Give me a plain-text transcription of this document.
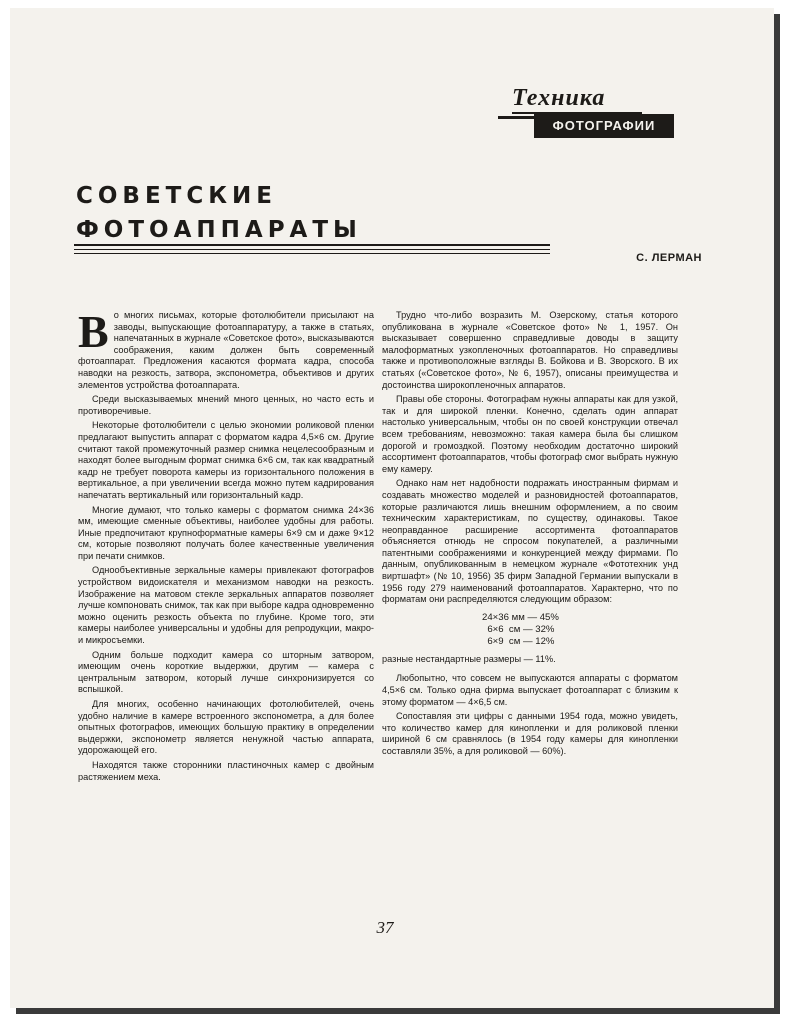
Техника
ФОТОГРАФИИ
СОВЕТСКИЕ
ФОТОАППАРАТЫ
С. ЛЕРМАН

Во многих письмах, которые фотолюбители присылают на заводы, выпускающие фотоаппаратуру, а также в статьях, напечатанных в журнале «Советское фото», высказываются соображения, каким должен быть современный фотоаппарат. Предложения касаются формата кадра, способа наводки на резкость, затвора, экспонометра, объективов и других элементов устройства фотоаппарата.

Среди высказываемых мнений много ценных, но часто есть и противоречивые.

Некоторые фотолюбители с целью экономии роликовой пленки предлагают выпустить аппарат с форматом кадра 4,5×6 см. Другие считают такой промежуточный размер снимка нецелесообразным и находят более выгодным формат снимка 6×6 см, так как квадратный кадр не требует поворота камеры из горизонтального положения в вертикальное, а при увеличении всегда можно путем кадрирования напечатать вертикальный или горизонтальный кадр.

Многие думают, что только камеры с форматом снимка 24×36 мм, имеющие сменные объективы, наиболее удобны для работы. Иные предпочитают крупноформатные камеры 6×9 см и даже 9×12 см, которые позволяют получать более качественные увеличения при печати снимков.

Однообъективные зеркальные камеры привлекают фотографов устройством видоискателя и механизмом наводки на резкость. Изображение на матовом стекле зеркальных аппаратов позволяет лучше компоновать снимок, так как при выборе кадра одновременно можно оценить резкость объекта по глубине. Кроме того, эти камеры наиболее универсальны и удобны для репродукции, макро- и микросъемки.

Одним больше подходит камера со шторным затвором, имеющим очень короткие выдержки, другим — камера с центральным затвором, который лучше синхронизируется со вспышкой.

Для многих, особенно начинающих фотолюбителей, очень удобно наличие в камере встроенного экспонометра, а для более опытных фотографов, имеющих большую практику в определении выдержки, экспонометр является ненужной частью аппарата, удорожающей его.

Находятся также сторонники пластиночных камер с двойным растяжением меха.

Трудно что-либо возразить М. Озерскому, статья которого опубликована в журнале «Советское фото» № 1, 1957. Он высказывает совершенно справедливые доводы в защиту малоформатных узкопленочных фотоаппаратов. Но справедливы также и противоположные взгляды В. Бойкова и В. Зворского. В их статьях («Советское фото», № 6, 1957), описаны преимущества и достоинства широкопленочных аппаратов.

Правы обе стороны. Фотографам нужны аппараты как для узкой, так и для широкой пленки. Конечно, сделать один аппарат настолько универсальным, чтобы он по своей конструкции отвечал всем требованиям, невозможно: такая камера была бы слишком дорогой и громоздкой. Поэтому необходим достаточно широкий ассортимент фотоаппаратов, чтобы фотограф смог выбрать нужную ему камеру.

Однако нам нет надобности подражать иностранным фирмам и создавать множество моделей и разновидностей фотоаппаратов, которые различаются лишь внешним оформлением, а по своим техническим характеристикам, по существу, одинаковы. Такое неоправданное расширение ассортимента фотоаппаратов объясняется отнюдь не спросом покупателей, а различными патентными соображениями и конкуренцией между фирмами. По данным, опубликованным в немецком журнале «Фототехник унд виртшафт» (№ 10, 1956) 35 фирм Западной Германии выпускали в 1956 году 279 наименований фотоаппаратов. Характерно, что по форматам они распределяются следующим образом:

24×36 мм — 45%
6×6  см — 32%
6×9  см — 12%

разные нестандартные размеры — 11%.

Любопытно, что совсем не выпускаются аппараты с форматом 4,5×6 см. Только одна фирма выпускает фотоаппарат с близким к этому форматом — 4×6,5 см.

Сопоставляя эти цифры с данными 1954 года, можно увидеть, что количество камер для кинопленки и для роликовой пленки шириной 6 см сравнялось (в 1954 году камеры для кинопленки составляли 35%, а для роликовой — 60%).

37
